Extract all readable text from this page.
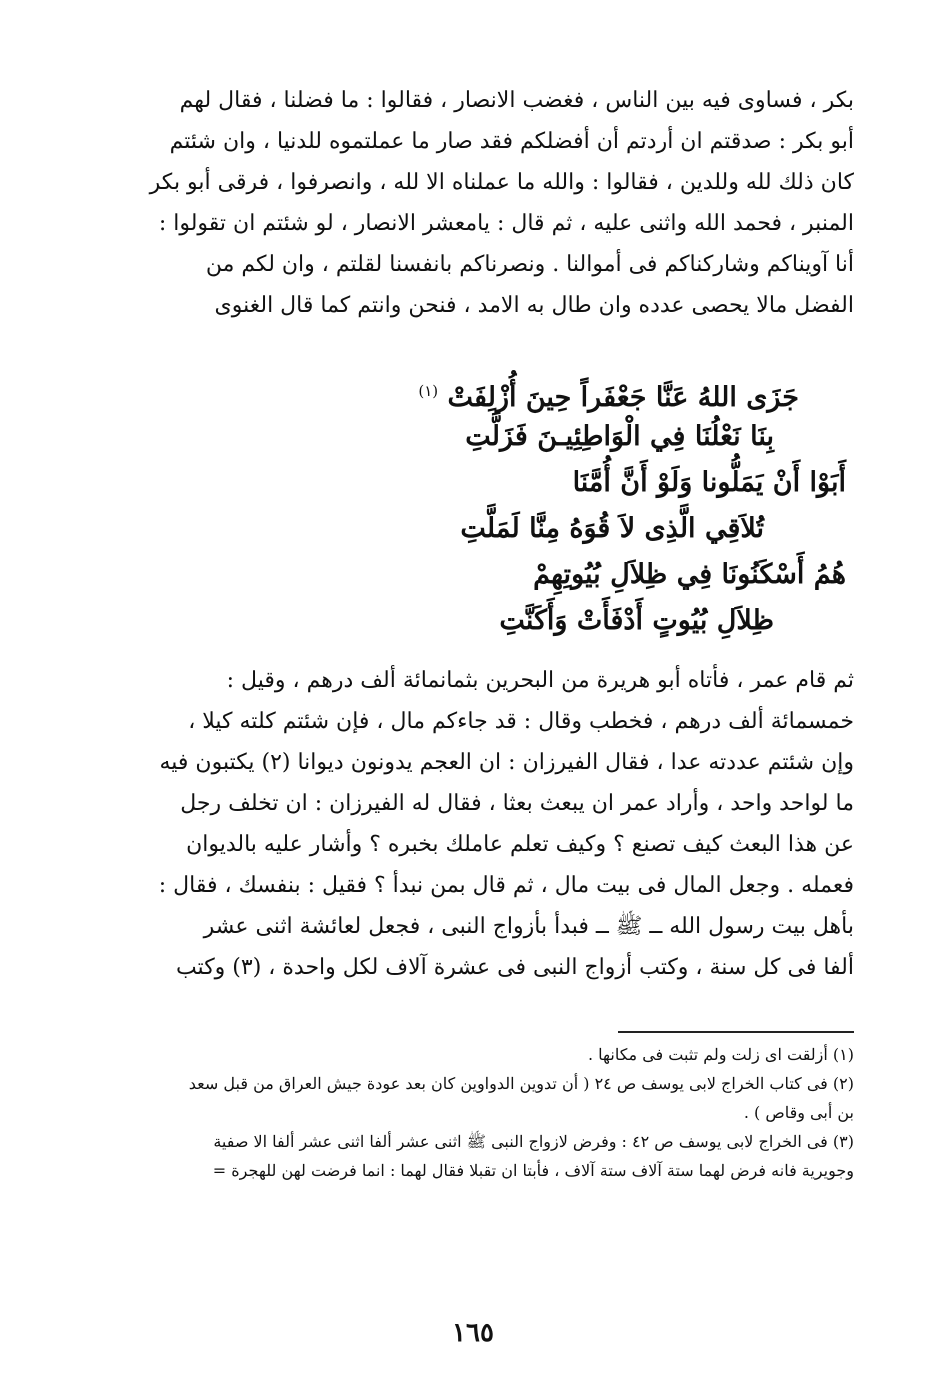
بكر ، فساوى فيه بين الناس ، فغضب الانصار ، فقالوا : ما فضلنا ، فقال لهم
أبو بكر : صدقتم ان أردتم أن أفضلكم فقد صار ما عملتموه للدنيا ، وان شئتم
كان ذلك لله وللدين ، فقالوا : والله ما عملناه الا لله ، وانصرفوا ، فرقى أبو بكر
المنبر ، فحمد الله واثنى عليه ، ثم قال : يامعشر الانصار ، لو شئتم ان تقولوا :
أنا آويناكم وشاركناكم فى أموالنا . ونصرناكم بانفسنا لقلتم ، وان لكم من
الفضل مالا يحصى عدده وان طال به الامد ، فنحن وانتم كما قال الغنوى
جَزَى اللهُ عَنَّا جَعْفَراً حِينَ أُزْلِفَتْ $^{(١)}$
بِنَا نَعْلُنَا فِي الْوَاطِئِيـنَ فَزَلَّتِ
أَبَوْا أَنْ يَمَلُّونا وَلَوْ أَنَّ أُمَّنَا
تُلاَقِي الَّذِى لاَ قُوَهُ مِنَّا لَمَلَّتِ
هُمُ أَسْكَنُونَا فِي ظِلاَلِ بُيُوتِهِمْ
ظِلاَلِ بُيُوتٍ أَدْفَأَتْ وَأَكَنَّتِ
ثم قام عمر ، فأتاه أبو هريرة من البحرين بثمانمائة ألف درهم ، وقيل :
خمسمائة ألف درهم ، فخطب وقال : قد جاءكم مال ، فإن شئتم كلته كيلا ،
وإن شئتم عددته عدا ، فقال الفيرزان : ان العجم يدونون ديوانا (٢) يكتبون فيه
ما لواحد واحد ، وأراد عمر ان يبعث بعثا ، فقال له الفيرزان : ان تخلف رجل
عن هذا البعث كيف تصنع ؟ وكيف تعلم عاملك بخبره ؟ وأشار عليه بالديوان
فعمله . وجعل المال فى بيت مال ، ثم قال بمن نبدأ ؟ فقيل : بنفسك ، فقال :
بأهل بيت رسول الله ــ ﷺ ــ فبدأ بأزواج النبى ، فجعل لعائشة اثنى عشر
ألفا فى كل سنة ، وكتب أزواج النبى فى عشرة آلاف لكل واحدة ، (٣) وكتب
(١) أزلقت اى زلت ولم تثبت فى مكانها .
(٢) فى كتاب الخراج لابى يوسف ص ٢٤ ( أن تدوين الدواوين كان بعد عودة جيش العراق من قبل سعد
بن أبى وقاص ) .
(٣) فى الخراج لابى يوسف ص ٤٢ : وفرض لازواج النبى ﷺ اثنى عشر ألفا اثنى عشر ألفا الا صفية
وجويرية فانه فرض لهما ستة آلاف ستة آلاف ، فأبتا ان تقبلا فقال لهما : انما فرضت لهن للهجرة =
١٦٥
